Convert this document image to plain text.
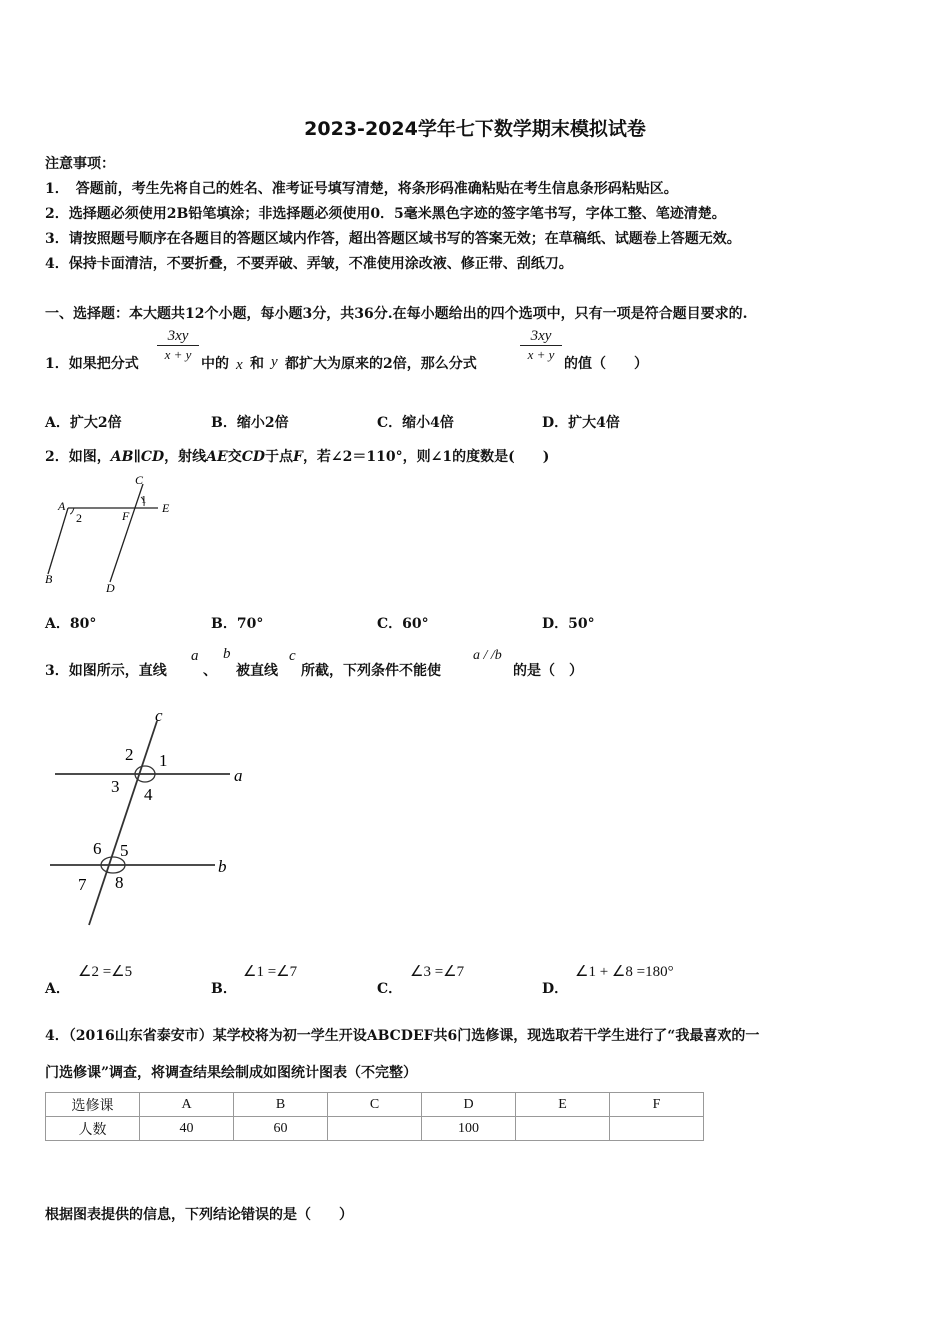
2023-2024学年七下数学期末模拟试卷
注意事项：
1．　答题前，考生先将自己的姓名、准考证号填写清楚，将条形码准确粘贴在考生信息条形码粘贴区。
2．选择题必须使用2B铅笔填涂；非选择题必须使用0．5毫米黑色字迹的签字笔书写，字体工整、笔迹清楚。
3．请按照题号顺序在各题目的答题区域内作答，超出答题区域书写的答案无效；在草稿纸、试题卷上答题无效。
4．保持卡面清洁，不要折叠，不要弄破、弄皱，不准使用涂改液、修正带、刮纸刀。
一、选择题：本大题共12个小题，每小题3分，共36分.在每小题给出的四个选项中，只有一项是符合题目要求的.
1．如果把分式
3xy
x + y
中的 x 和 y 都扩大为原来的2倍，那么分式
3xy
x + y
的值（　　）
A．扩大2倍	B．缩小2倍	C．缩小4倍	D．扩大4倍
2．如图，AB∥CD，射线AE交CD于点F，若∠2＝110°，则∠1的度数是(　　)
A
B
C
D
E
F
1
2
A．80°	B．70°	C．60°	D．50°
3．如图所示，直线
a
、
b
被直线
c
所截，下列条件不能使
a / /b
的是（　）
c
a
b
1
2
3 4
5
6
7 8
A．
∠2 =∠5
B．
∠1 =∠7
C．
∠3 =∠7
D．
∠1 + ∠8 =180°
4．（2016山东省泰安市）某学校将为初一学生开设ABCDEF共6门选修课，现选取若干学生进行了“我最喜欢的一
门选修课”调查，将调查结果绘制成如图统计图表（不完整）
选修课	A	B	C	D	E	F
人数	40	60		100		
根据图表提供的信息，下列结论错误的是（　　）
